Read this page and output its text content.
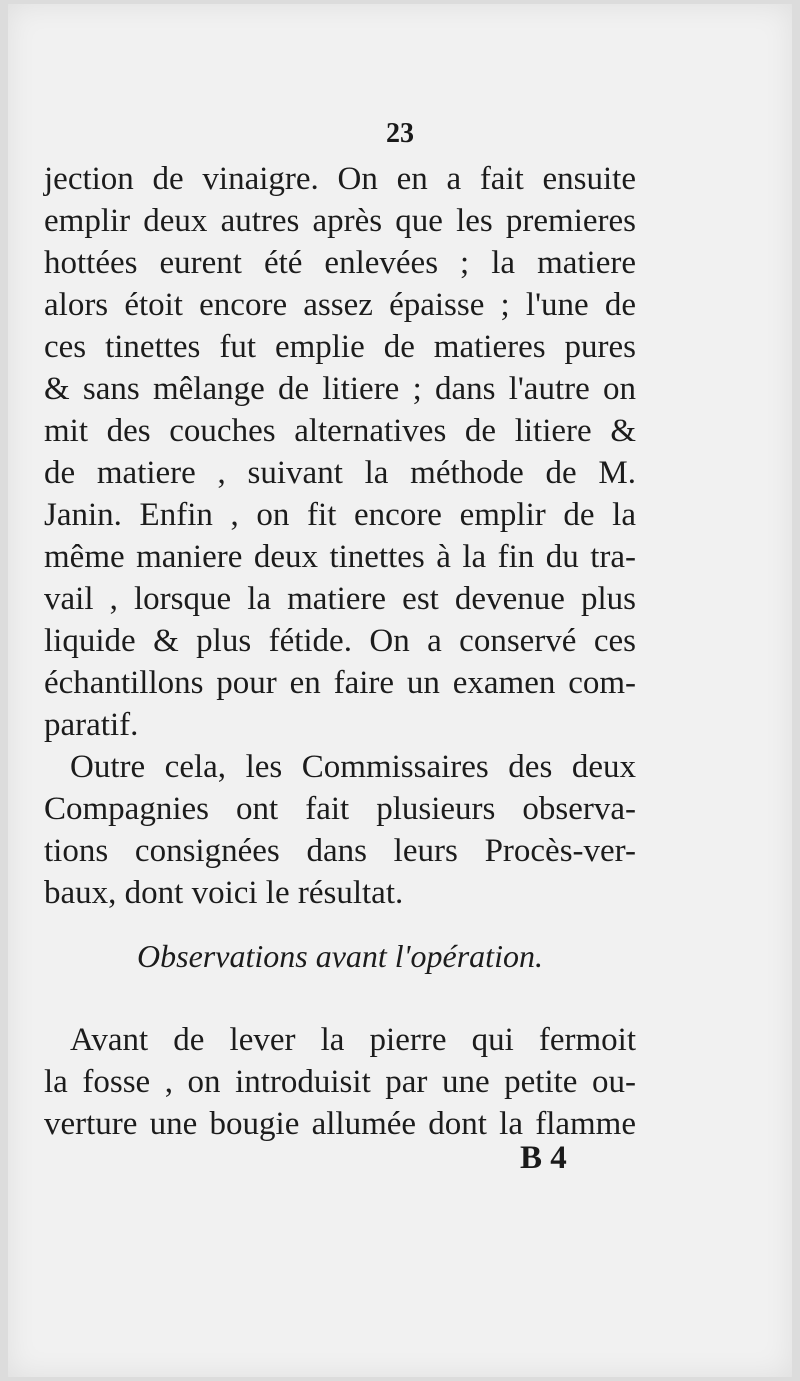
23
jection de vinaigre. On en a fait ensuite
emplir deux autres après que les premieres
hottées eurent été enlevées ; la matiere
alors étoit encore assez épaisse ; l'une de
ces tinettes fut emplie de matieres pures
& sans mêlange de litiere ; dans l'autre on
mit des couches alternatives de litiere &
de matiere , suivant la méthode de M.
Janin. Enfin , on fit encore emplir de la
même maniere deux tinettes à la fin du tra-
vail , lorsque la matiere est devenue plus
liquide & plus fétide. On a conservé ces
échantillons pour en faire un examen com-
paratif.
Outre cela, les Commissaires des deux
Compagnies ont fait plusieurs observa-
tions consignées dans leurs Procès-ver-
baux, dont voici le résultat.
Observations avant l'opération.
Avant de lever la pierre qui fermoit
la fosse , on introduisit par une petite ou-
verture une bougie allumée dont la flamme
B 4
